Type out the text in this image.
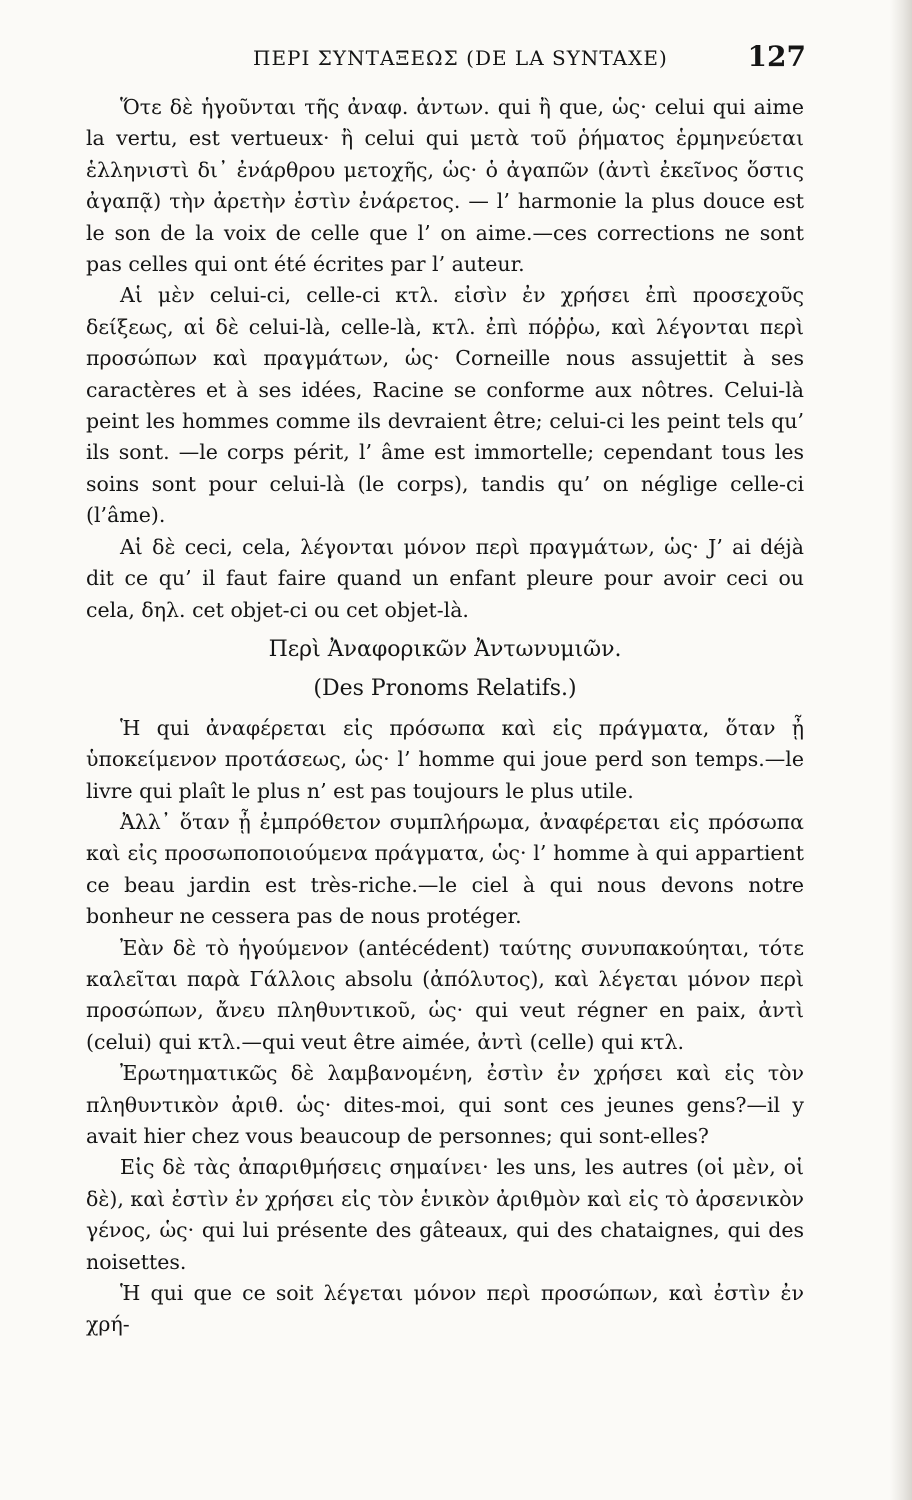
ΠΕΡΙ ΣΥΝΤΑΞΕΩΣ (DE LA SYNTAXE)	127

Ὅτε δὲ ἡγοῦνται τῆς ἀναφ. ἀντων. qui ἢ que, ὡς· celui qui aime la vertu, est vertueux· ἢ celui qui μετὰ τοῦ ῥήματος ἑρμηνεύεται ἑλληνιστὶ δι᾽ ἐνάρθρου μετοχῆς, ὡς· ὁ ἀγαπῶν (ἀντὶ ἐκεῖνος ὅστις ἀγαπᾷ) τὴν ἀρετὴν ἐστὶν ἐνάρετος. — l’ harmonie la plus douce est le son de la voix de celle que l’ on aime.—ces corrections ne sont pas celles qui ont été écrites par l’ auteur.

Αἱ μὲν celui-ci, celle-ci κτλ. εἰσὶν ἐν χρήσει ἐπὶ προσεχοῦς δείξεως, αἱ δὲ celui-là, celle-là, κτλ. ἐπὶ πόῤῥω, καὶ λέγονται περὶ προσώπων καὶ πραγμάτων, ὡς· Corneille nous assujettit à ses caractères et à ses idées, Racine se conforme aux nôtres. Celui-là peint les hommes comme ils devraient être; celui-ci les peint tels qu’ ils sont. —le corps périt, l’ âme est immortelle; cependant tous les soins sont pour celui-là (le corps), tandis qu’ on néglige celle-ci (l’âme).

Αἱ δὲ ceci, cela, λέγονται μόνον περὶ πραγμάτων, ὡς· J’ ai déjà dit ce qu’ il faut faire quand un enfant pleure pour avoir ceci ou cela, δηλ. cet objet-ci ou cet objet-là.

Περὶ Ἀναφορικῶν Ἀντωνυμιῶν.

(Des Pronoms Relatifs.)

Ἡ qui ἀναφέρεται εἰς πρόσωπα καὶ εἰς πράγματα, ὅταν ᾖ ὑποκείμενον προτάσεως, ὡς· l’ homme qui joue perd son temps.—le livre qui plaît le plus n’ est pas toujours le plus utile.

Ἀλλ᾽ ὅταν ᾖ ἐμπρόθετον συμπλήρωμα, ἀναφέρεται εἰς πρόσωπα καὶ εἰς προσωποποιούμενα πράγματα, ὡς· l’ homme à qui appartient ce beau jardin est très-riche.—le ciel à qui nous devons notre bonheur ne cessera pas de nous protéger.

Ἐὰν δὲ τὸ ἡγούμενον (antécédent) ταύτης συνυπακούηται, τότε καλεῖται παρὰ Γάλλοις absolu (ἀπόλυτος), καὶ λέγεται μόνον περὶ προσώπων, ἄνευ πληθυντικοῦ, ὡς· qui veut régner en paix, ἀντὶ (celui) qui κτλ.—qui veut être aimée, ἀντὶ (celle) qui κτλ.

Ἐρωτηματικῶς δὲ λαμβανομένη, ἐστὶν ἐν χρήσει καὶ εἰς τὸν πληθυντικὸν ἀριθ. ὡς· dites-moi, qui sont ces jeunes gens?—il y avait hier chez vous beaucoup de personnes; qui sont-elles?

Εἰς δὲ τὰς ἀπαριθμήσεις σημαίνει· les uns, les autres (οἱ μὲν, οἱ δὲ), καὶ ἐστὶν ἐν χρήσει εἰς τὸν ἑνικὸν ἀριθμὸν καὶ εἰς τὸ ἀρσενικὸν γένος, ὡς· qui lui présente des gâteaux, qui des chataignes, qui des noisettes.

Ἡ qui que ce soit λέγεται μόνον περὶ προσώπων, καὶ ἐστὶν ἐν χρή-
